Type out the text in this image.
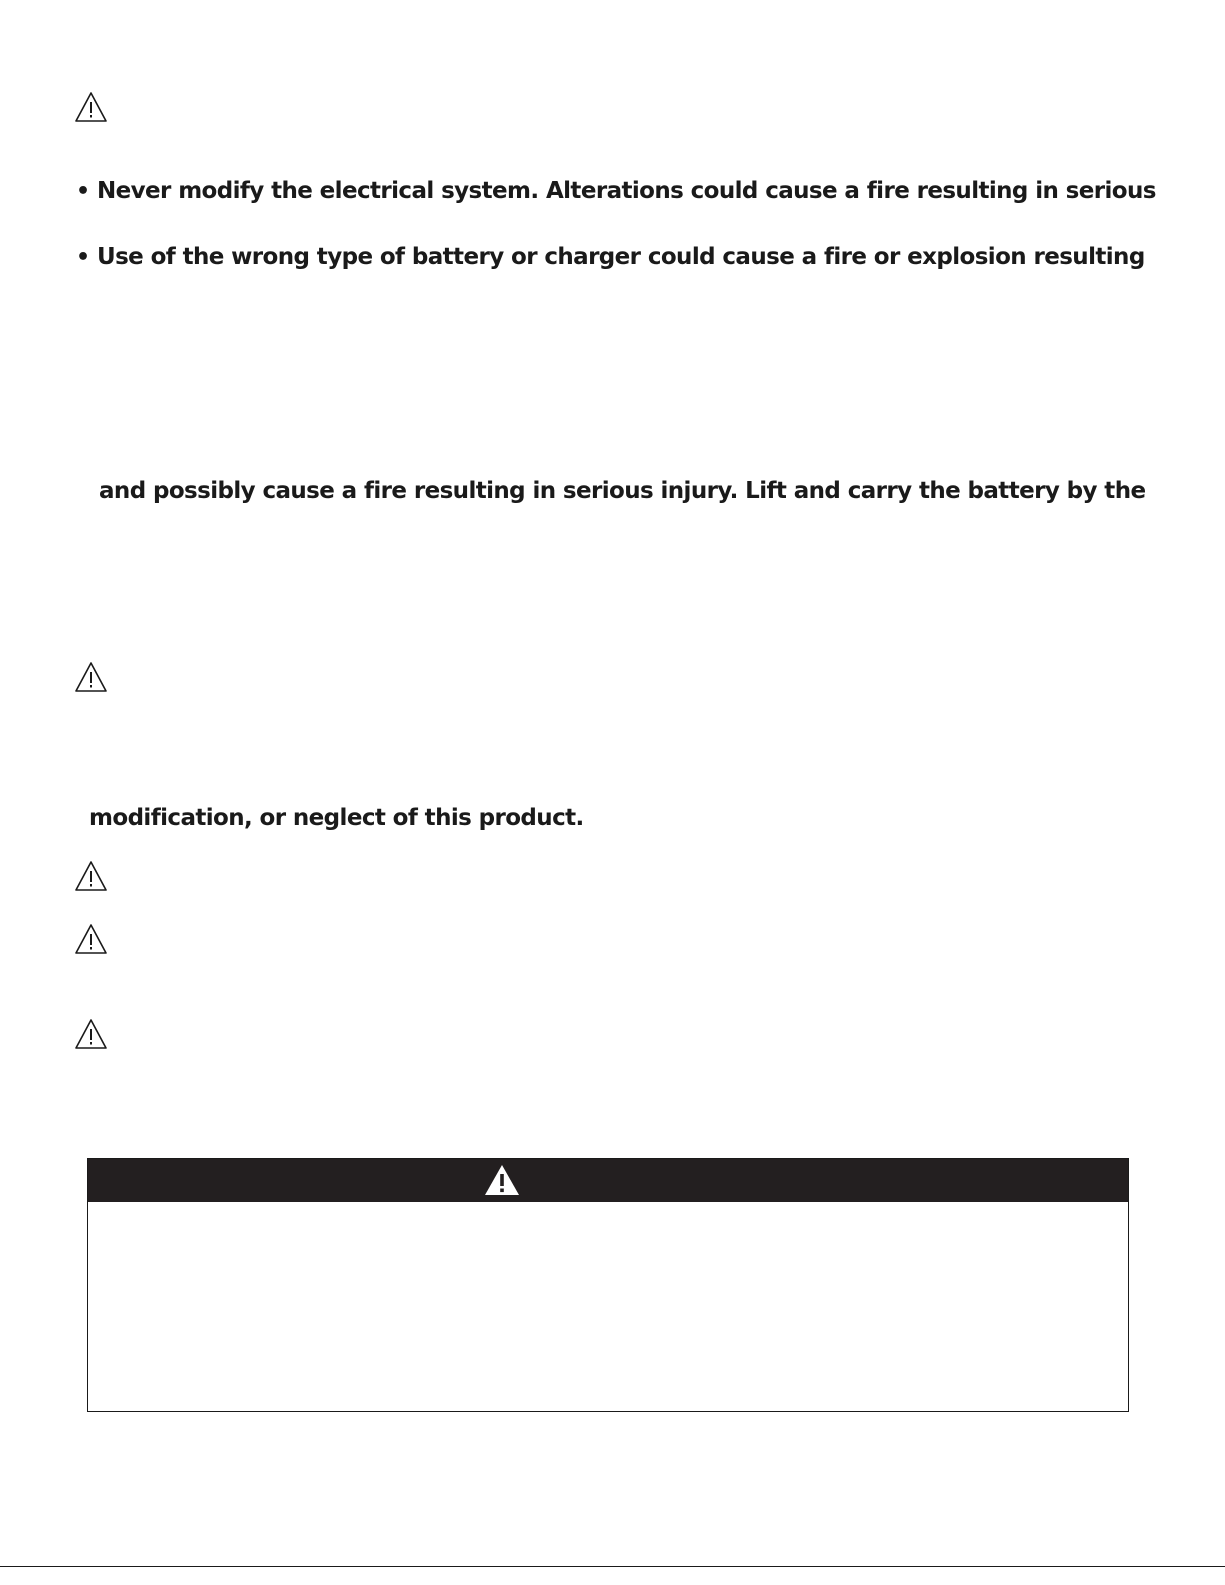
• Never modify the electrical system. Alterations could cause a fire resulting in serious
• Use of the wrong type of battery or charger could cause a fire or explosion resulting
and possibly cause a fire resulting in serious injury. Lift and carry the battery by the
modification, or neglect of this product.
